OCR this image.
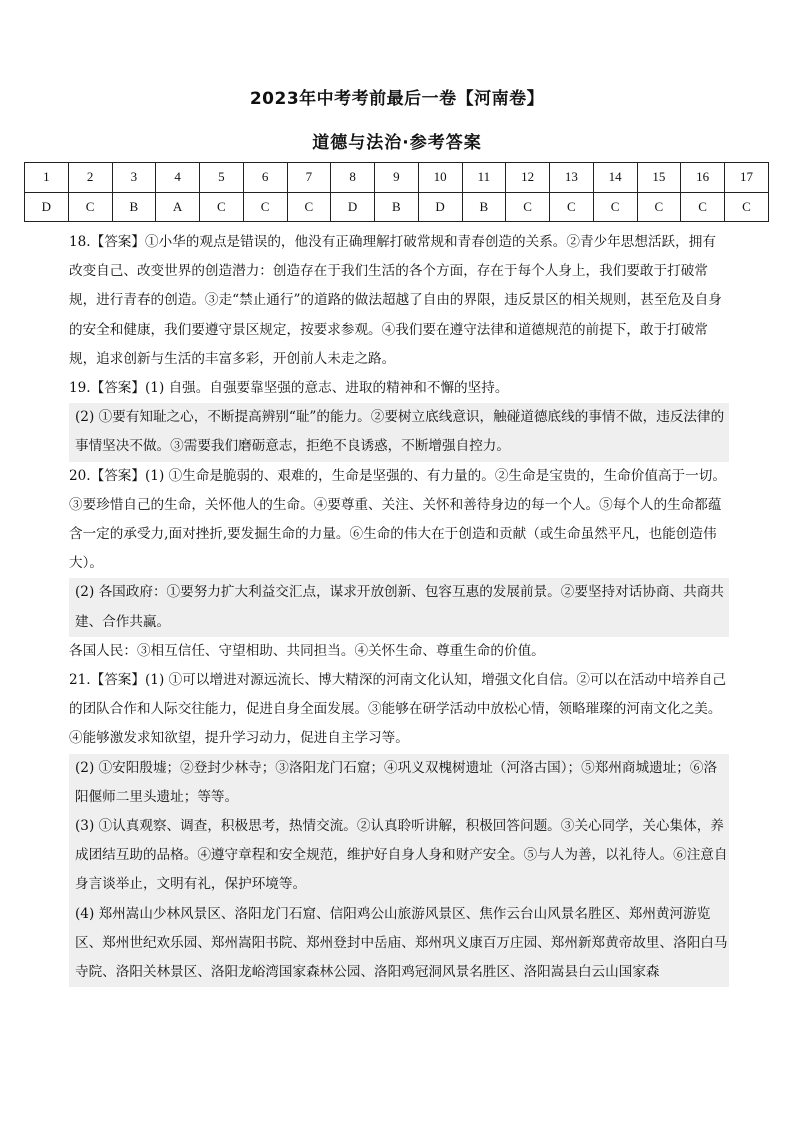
2023年中考考前最后一卷【河南卷】
道德与法治·参考答案
1	2	3	4	5	6	7	8	9	10	11	12	13	14	15	16	17
D	C	B	A	C	C	C	D	B	D	B	C	C	C	C	C	C

18.【答案】①小华的观点是错误的，他没有正确理解打破常规和青春创造的关系。②青少年思想活跃，拥有改变自己、改变世界的创造潜力：创造存在于我们生活的各个方面，存在于每个人身上，我们要敢于打破常规，进行青春的创造。③走“禁止通行”的道路的做法超越了自由的界限，违反景区的相关规则，甚至危及自身的安全和健康，我们要遵守景区规定，按要求参观。④我们要在遵守法律和道德规范的前提下，敢于打破常规，追求创新与生活的丰富多彩，开创前人未走之路。

19.【答案】(1) 自强。自强要靠坚强的意志、进取的精神和不懈的坚持。

(2) ①要有知耻之心，不断提高辨别“耻”的能力。②要树立底线意识，触碰道德底线的事情不做，违反法律的事情坚决不做。③需要我们磨砺意志，拒绝不良诱惑，不断增强自控力。

20.【答案】(1) ①生命是脆弱的、艰难的，生命是坚强的、有力量的。②生命是宝贵的，生命价值高于一切。③要珍惜自己的生命，关怀他人的生命。④要尊重、关注、关怀和善待身边的每一个人。⑤每个人的生命都蕴含一定的承受力,面对挫折,要发掘生命的力量。⑥生命的伟大在于创造和贡献（或生命虽然平凡，也能创造伟大）。

(2) 各国政府：①要努力扩大利益交汇点，谋求开放创新、包容互惠的发展前景。②要坚持对话协商、共商共建、合作共赢。

各国人民：③相互信任、守望相助、共同担当。④关怀生命、尊重生命的价值。

21.【答案】(1) ①可以增进对源远流长、博大精深的河南文化认知，增强文化自信。②可以在活动中培养自己的团队合作和人际交往能力，促进自身全面发展。③能够在研学活动中放松心情，领略璀璨的河南文化之美。④能够激发求知欲望，提升学习动力，促进自主学习等。

(2) ①安阳殷墟；②登封少林寺；③洛阳龙门石窟；④巩义双槐树遗址（河洛古国）；⑤郑州商城遗址；⑥洛阳偃师二里头遗址；等等。

(3) ①认真观察、调查，积极思考，热情交流。②认真聆听讲解，积极回答问题。③关心同学，关心集体，养成团结互助的品格。④遵守章程和安全规范，维护好自身人身和财产安全。⑤与人为善，以礼待人。⑥注意自身言谈举止，文明有礼，保护环境等。

(4) 郑州嵩山少林风景区、洛阳龙门石窟、信阳鸡公山旅游风景区、焦作云台山风景名胜区、郑州黄河游览区、郑州世纪欢乐园、郑州嵩阳书院、郑州登封中岳庙、郑州巩义康百万庄园、郑州新郑黄帝故里、洛阳白马寺院、洛阳关林景区、洛阳龙峪湾国家森林公园、洛阳鸡冠洞风景名胜区、洛阳嵩县白云山国家森
